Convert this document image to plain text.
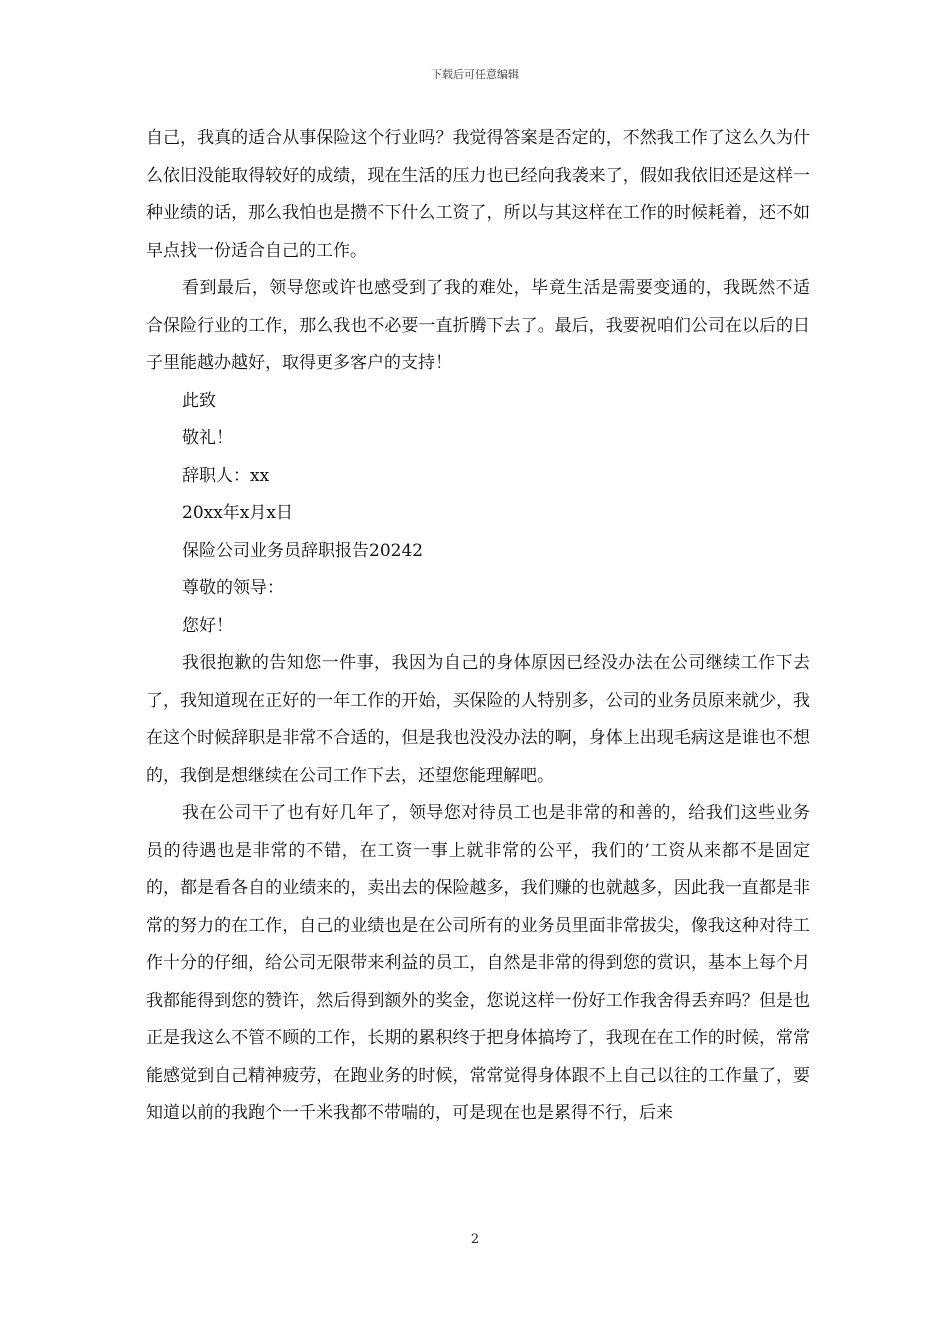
下载后可任意编辑

自己，我真的适合从事保险这个行业吗？我觉得答案是否定的，不然我工作了这么久为什么依旧没能取得较好的成绩，现在生活的压力也已经向我袭来了，假如我依旧还是这样一种业绩的话，那么我怕也是攒不下什么工资了，所以与其这样在工作的时候耗着，还不如早点找一份适合自己的工作。

看到最后，领导您或许也感受到了我的难处，毕竟生活是需要变通的，我既然不适合保险行业的工作，那么我也不必要一直折腾下去了。最后，我要祝咱们公司在以后的日子里能越办越好，取得更多客户的支持！

此致

敬礼！

辞职人：xx

20xx年x月x日

保险公司业务员辞职报告20242

尊敬的领导：

您好！

我很抱歉的告知您一件事，我因为自己的身体原因已经没办法在公司继续工作下去了，我知道现在正好的一年工作的开始，买保险的人特别多，公司的业务员原来就少，我在这个时候辞职是非常不合适的，但是我也没没办法的啊，身体上出现毛病这是谁也不想的，我倒是想继续在公司工作下去，还望您能理解吧。

我在公司干了也有好几年了，领导您对待员工也是非常的和善的，给我们这些业务员的待遇也是非常的不错，在工资一事上就非常的公平，我们的’工资从来都不是固定的，都是看各自的业绩来的，卖出去的保险越多，我们赚的也就越多，因此我一直都是非常的努力的在工作，自己的业绩也是在公司所有的业务员里面非常拔尖，像我这种对待工作十分的仔细，给公司无限带来利益的员工，自然是非常的得到您的赏识，基本上每个月我都能得到您的赞许，然后得到额外的奖金，您说这样一份好工作我舍得丢弃吗？但是也正是我这么不管不顾的工作，长期的累积终于把身体搞垮了，我现在在工作的时候，常常能感觉到自己精神疲劳，在跑业务的时候，常常觉得身体跟不上自己以往的工作量了，要知道以前的我跑个一千米我都不带喘的，可是现在也是累得不行，后来

2
